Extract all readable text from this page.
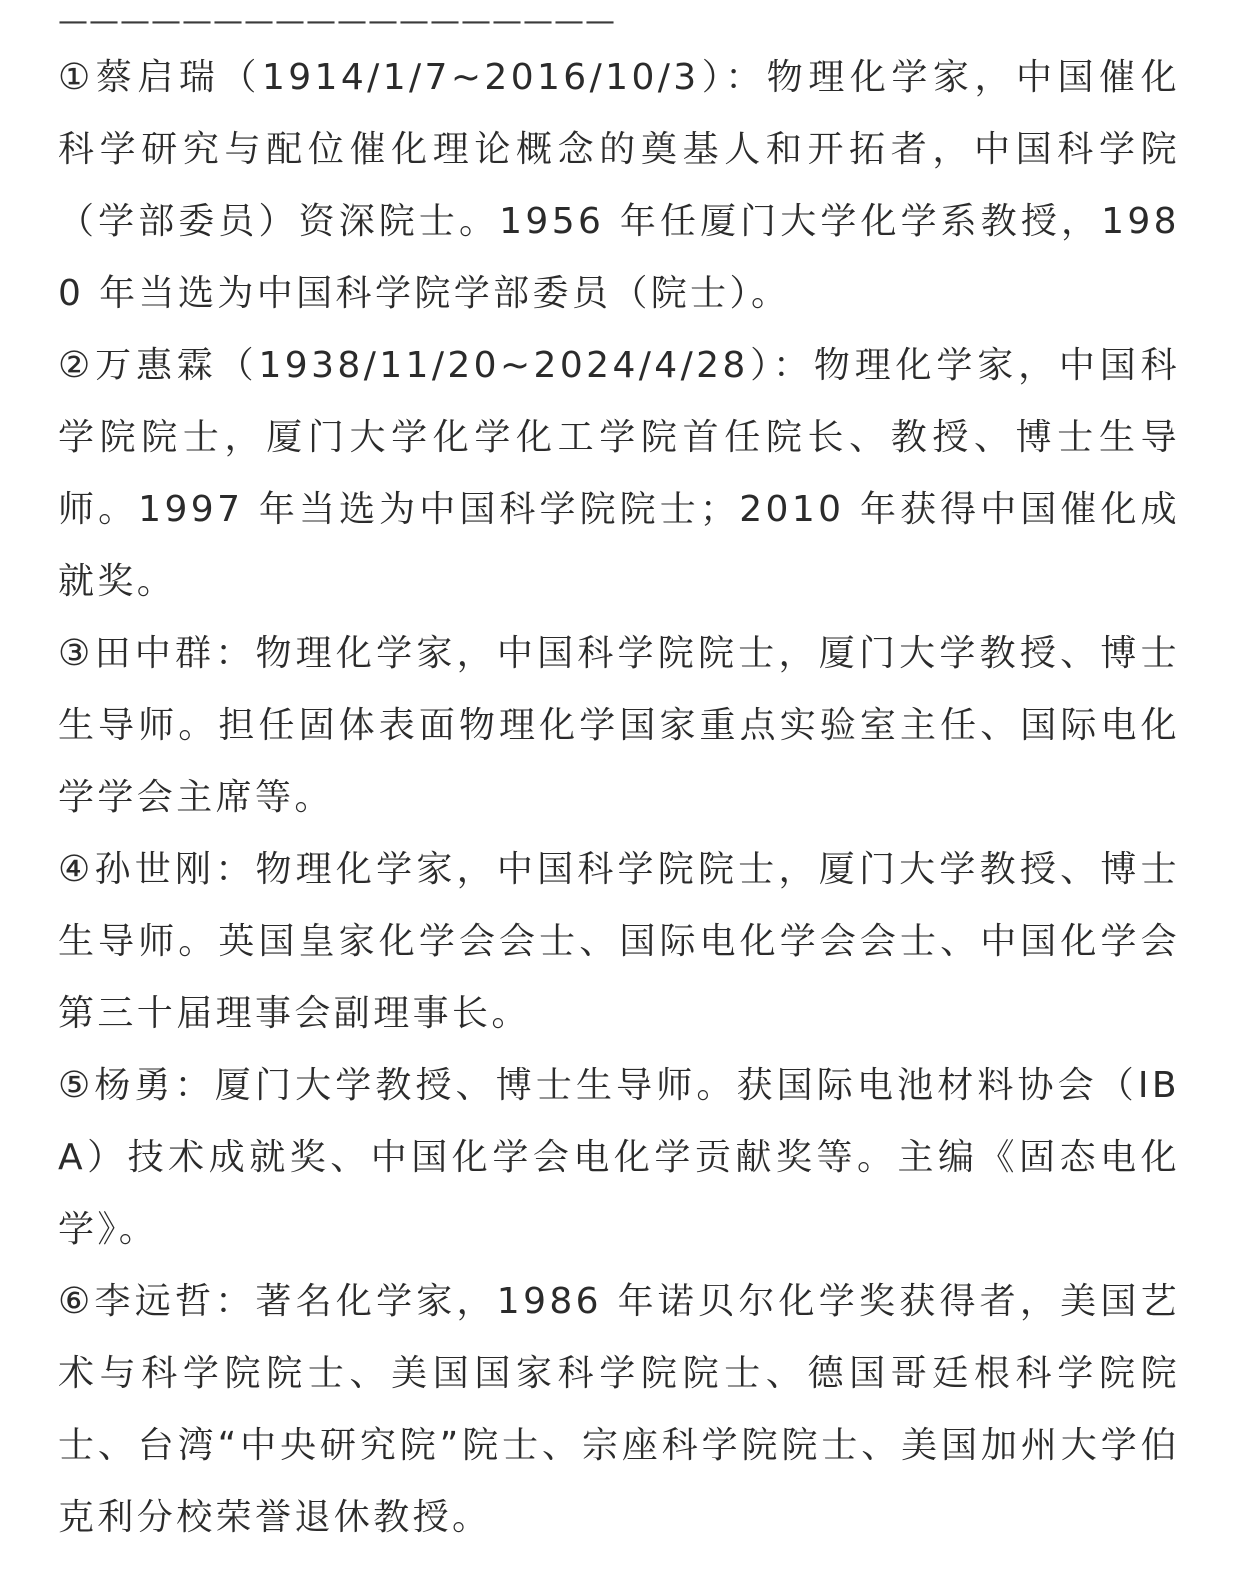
——————————————————

①蔡启瑞（1914/1/7~2016/10/3）：物理化学家，中国催化科学研究与配位催化理论概念的奠基人和开拓者，中国科学院（学部委员）资深院士。1956 年任厦门大学化学系教授，1980 年当选为中国科学院学部委员（院士）。

②万惠霖（1938/11/20~2024/4/28）：物理化学家，中国科学院院士，厦门大学化学化工学院首任院长、教授、博士生导师。1997 年当选为中国科学院院士；2010 年获得中国催化成就奖。

③田中群：物理化学家，中国科学院院士，厦门大学教授、博士生导师。担任固体表面物理化学国家重点实验室主任、国际电化学学会主席等。

④孙世刚：物理化学家，中国科学院院士，厦门大学教授、博士生导师。英国皇家化学会会士、国际电化学会会士、中国化学会第三十届理事会副理事长。

⑤杨勇：厦门大学教授、博士生导师。获国际电池材料协会（IBA）技术成就奖、中国化学会电化学贡献奖等。主编《固态电化学》。

⑥李远哲：著名化学家，1986 年诺贝尔化学奖获得者，美国艺术与科学院院士、美国国家科学院院士、德国哥廷根科学院院士、台湾“中央研究院”院士、宗座科学院院士、美国加州大学伯克利分校荣誉退休教授。
